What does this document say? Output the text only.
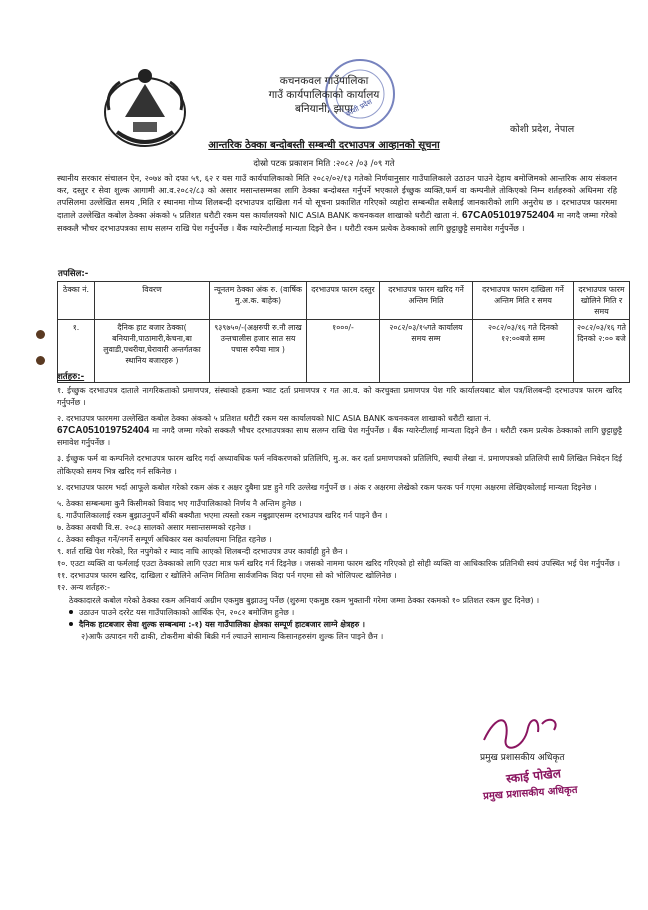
कचनकवल गाउँपालिका
गाउँ कार्यपालिकाको कार्यालय
बनियानी, झापा
कोशी प्रदेश
कोशी प्रदेश, नेपाल
आन्तरिक ठेक्का बन्दोबस्ती सम्बन्धी दरभाउपत्र आव्हानको सूचना
दोस्रो पटक प्रकाशन मिति :२०८२ /०३ /०९ गते
स्थानीय सरकार संचालन ऐन, २०७४ को दफा ५९, ६२ र यस गाउँ कार्यपालिकाको मिति २०८२/०२/१३ गतेको निर्णयानुसार गाउँपालिकाले उठाउन पाउने देहाय बमोजिमको आन्तरिक आय संकलन कर, दस्तुर र सेवा शुल्क आगामी आ.व.२०८२/८३ को असार मसान्तसम्मका लागि ठेक्का बन्दोबस्त गर्नुपर्ने भएकाले ईच्छुक व्यक्ति,फर्म वा कम्पनीले तोकिएको निम्न शर्तहरुको अधिनमा रहि तपसिलमा उल्लेखित समय ,मिति र स्थानमा गोप्य शिलबन्दी दरभाउपत्र दाखिला गर्न यो सूचना प्रकाशित गरिएको व्यहोरा सम्बन्धीत सबैलाई जानकारीको लागि अनुरोध छ । दरभाउपत्र फारममा दाताले उल्लेखित कबोल ठेक्का अंकको ५ प्रतिशत धरौटी रकम यस कार्यालयको NIC ASIA BANK कचनकवल शाखाको धरौटी खाता नं. 67CA051019752404 मा नगदै जम्मा गरेको सक्कलै भौचर दरभाउपत्रका साथ सलग्न राखि पेश गर्नुपर्नेछ । बैंक ग्यारेन्टीलाई मान्यता दिइने छैन । धरौटी रकम प्रत्येक ठेक्काको लागि छुट्टाछुट्टै समावेश गर्नुपर्नेछ ।
तपसिल:-
ठेक्का नं.	विवरण	न्यूनतम ठेक्का अंक रु. (वार्षिक मु.अ.क. बाहेक)	दरभाउपत्र फारम दस्तुर	दरभाउपत्र फारम खरिद गर्ने अन्तिम मिति	दरभाउपत्र फारम दाखिला गर्ने अन्तिम मिति र समय	दरभाउपत्र फारम खोलिने मिति र समय
१.	दैनिक हाट बजार ठेक्का( बनियानी,पाठामारी,केचना,बा लुवाडी,पथरीया,घेरावारी अन्तर्गतका स्थानिय बजारहरु )	९३९७५०/-(अक्षरुपी रु.नौ लाख उन्तचालीस हजार सात सय पचास रुपैया मात्र )	१०००/-	२०८२/०३/१५गते कार्यालय समय सम्म	२०८२/०३/१६ गते दिनको १२:००बजे सम्म	२०८२/०३/१६ गते दिनको २:०० बजे
शर्तहरु:-

१. ईच्छुक दरभाउपत्र दाताले नागरिकताको प्रमाणपत्र, संस्थाको हकमा भ्याट दर्ता प्रमाणपत्र र गत आ.व. को करचुक्ता प्रमाणपत्र पेश गरि कार्यालयबाट बोल पत्र/शिलबन्दी दरभाउपत्र फारम खरिद गर्नुपर्नेछ ।

२. दरभाउपत्र फारममा उल्लेखित कबोल ठेक्का अंकको ५ प्रतिशत धरौटी रकम यस कार्यालयको NIC ASIA BANK कचनकवल शाखाको धरौटी खाता नं.

67CA051019752404 मा नगदै जम्मा गरेको सक्कलै भौचर दरभाउपत्रका साथ सलग्न राखि पेश गर्नुपर्नेछ । बैंक ग्यारेन्टीलाई मान्यता दिइने छैन । धरौटी रकम प्रत्येक ठेक्काको लागि छुट्टाछुट्टै समावेश गर्नुपर्नेछ ।

३. ईच्छुक फर्म वा कम्पनिले दरभाउपत्र फारम खरिद गर्दा अध्यावधिक फर्म नविकरणको प्रतिलिपि, मु.अ. कर दर्ता प्रमाणपत्रको प्रतिलिपि, स्थायी लेखा नं. प्रमाणपत्रको प्रतिलिपी साथै लिखित निवेदन दिई तोकिएको समय भित्र खरिद गर्न सकिनेछ ।

४. दरभाउपत्र फारम भर्दा आफूले कबोल गरेको रकम अंक र अक्षर दुबैमा प्रष्ट हुने गरि उल्लेख गर्नुपर्ने छ । अंक र अक्षरमा लेखेको रकम फरक पर्न गएमा अक्षरमा लेखिएकोलाई मान्यता दिइनेछ ।

५. ठेक्का सम्बन्धमा कुनै किसीमको विवाद भए गाउँपालिकाको निर्णय नै अन्तिम हुनेछ ।

६. गाउँपालिकालाई रकम बुझाउनुपर्ने बाँकी बक्यौता भएमा त्यस्तो रकम नबुझाएसम्म दरभाउपत्र खरिद गर्न पाइने छैन ।

७. ठेक्का अवधी वि.स. २०८३ सालको असार मसान्तसम्मको रहनेछ ।

८. ठेक्का स्वीकृत गर्ने/नगर्ने सम्पूर्ण अधिकार यस कार्यालयमा निहित रहनेछ ।

९. शर्त राखि पेश गरेको, रित नपुगेको र म्याद नाघि आएको शिलबन्दी दरभाउपत्र उपर कार्वाही हुने छैन ।

१०. एउटा व्यक्ति वा फर्मलाई एउटा ठेक्काको लागि एउटा मात्र फर्म खरिद गर्न दिइनेछ । जसको नाममा फारम खरिद गरिएको हो सोही व्यक्ति वा आधिकारिक प्रतिनिधी स्वयं उपस्थित भई पेश गर्नुपर्नेछ ।

११. दरभाउपत्र फारम खरिद, दाखिला र खोलिने अन्तिम मितिमा सार्वजनिक विदा पर्न गएमा सो को भोलिपल्ट खोलिनेछ ।

१२. अन्य शर्तहरु:-

ठेक्कादारले कबोल गरेको ठेक्का रकम अनिवार्य अग्रीम एकमुष्ठ बुझाउनु पर्नेछ (शुरुमा एकमुष्ठ रकम भुक्तानी गरेमा जम्मा ठेक्का रकमको १० प्रतिशत रकम छुट दिनेछ) ।

उठाउन पाउने दररेट यस गाउँपालिकाको आर्थिक ऐन, २०८२ बमोजिम हुनेछ ।

दैनिक हाटबजार सेवा शुल्क सम्बन्धमा :-१) यस गाउँपालिका क्षेत्रका सम्पूर्ण हाटबजार लाग्ने क्षेत्रहरु ।

२)आफै उत्पादन गरी ढाकी, टोकरीमा बोकी बिक्री गर्न ल्याउने सामान्य किसानहरुसंग शुल्क लिन पाइने छैन ।

प्रमुख प्रशासकीय अधिकृत
स्काई पोखेल
प्रमुख प्रशासकीय अधिकृत
